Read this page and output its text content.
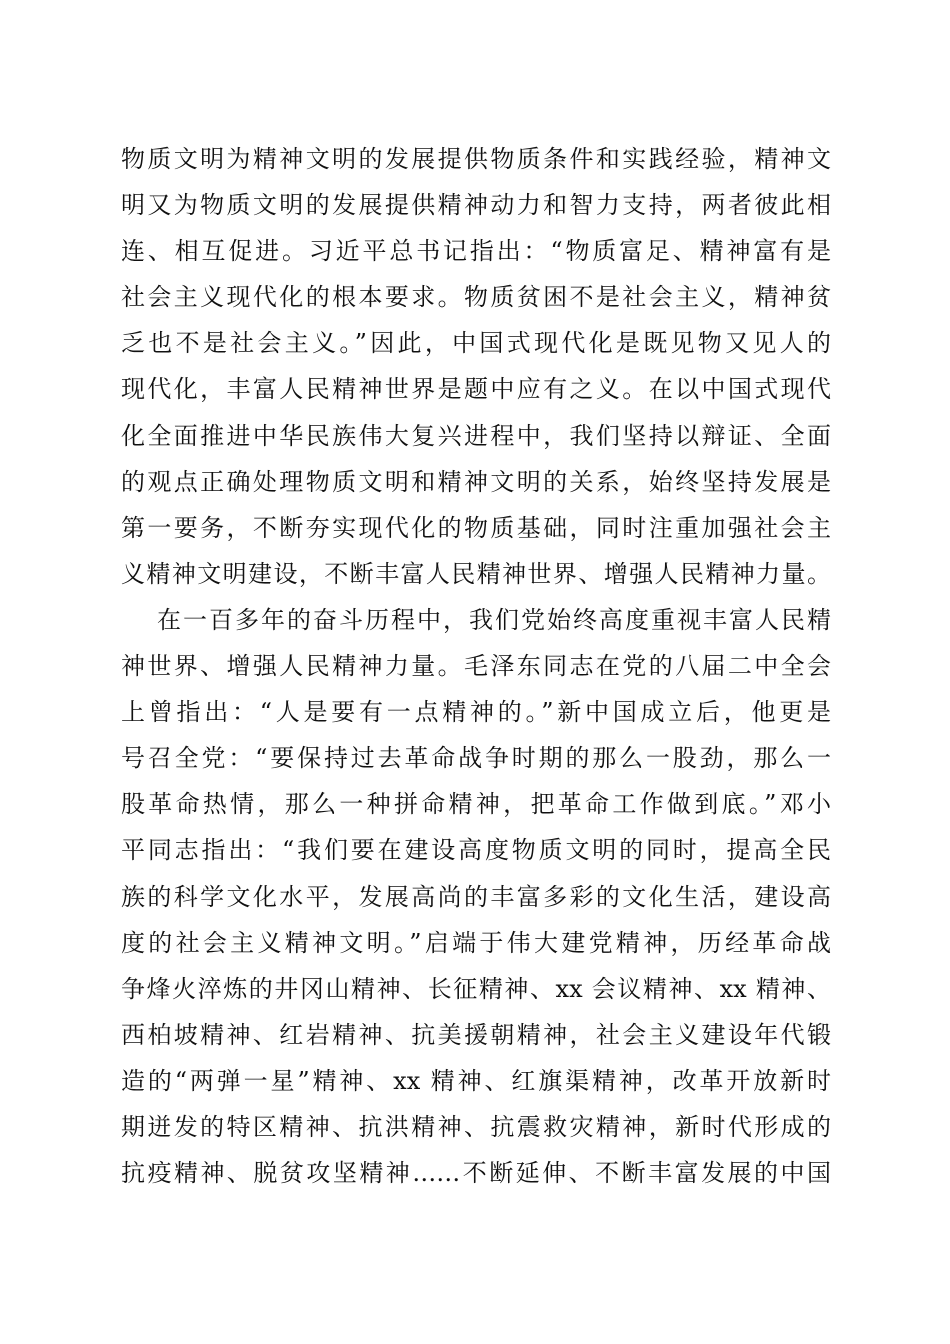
物质文明为精神文明的发展提供物质条件和实践经验，精神文
明又为物质文明的发展提供精神动力和智力支持，两者彼此相
连、相互促进。习近平总书记指出：“物质富足、精神富有是
社会主义现代化的根本要求。物质贫困不是社会主义，精神贫
乏也不是社会主义。”因此，中国式现代化是既见物又见人的
现代化，丰富人民精神世界是题中应有之义。在以中国式现代
化全面推进中华民族伟大复兴进程中，我们坚持以辩证、全面
的观点正确处理物质文明和精神文明的关系，始终坚持发展是
第一要务，不断夯实现代化的物质基础，同时注重加强社会主
义精神文明建设，不断丰富人民精神世界、增强人民精神力量。
在一百多年的奋斗历程中，我们党始终高度重视丰富人民精
神世界、增强人民精神力量。毛泽东同志在党的八届二中全会
上曾指出：“人是要有一点精神的。”新中国成立后，他更是
号召全党：“要保持过去革命战争时期的那么一股劲，那么一
股革命热情，那么一种拼命精神，把革命工作做到底。”邓小
平同志指出：“我们要在建设高度物质文明的同时，提高全民
族的科学文化水平，发展高尚的丰富多彩的文化生活，建设高
度的社会主义精神文明。”启端于伟大建党精神，历经革命战
争烽火淬炼的井冈山精神、长征精神、xx 会议精神、xx 精神、
西柏坡精神、红岩精神、抗美援朝精神，社会主义建设年代锻
造的“两弹一星”精神、xx 精神、红旗渠精神，改革开放新时
期迸发的特区精神、抗洪精神、抗震救灾精神，新时代形成的
抗疫精神、脱贫攻坚精神……不断延伸、不断丰富发展的中国
